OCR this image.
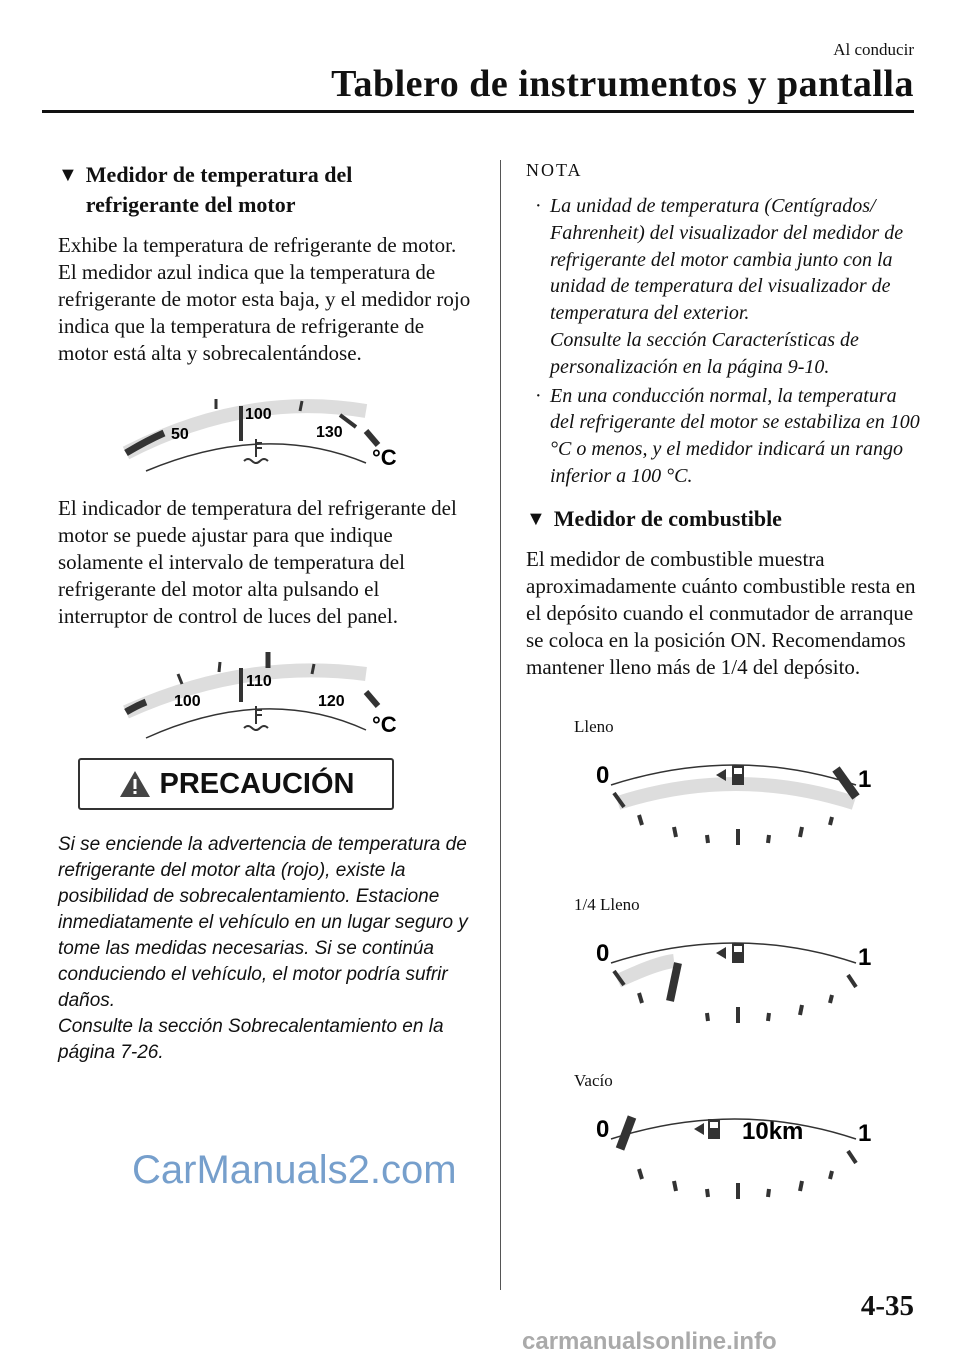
Al conducir
Tablero de instrumentos y pantalla
▼ Medidor de temperatura del
refrigerante del motor

Exhibe la temperatura de refrigerante de motor. El medidor azul indica que la temperatura de refrigerante de motor esta baja, y el medidor rojo indica que la temperatura de refrigerante de motor está alta y sobrecalentándose.

50
100
130
°C

El indicador de temperatura del refrigerante del motor se puede ajustar para que indique solamente el intervalo de temperatura del refrigerante del motor alta pulsando el interruptor de control de luces del panel.

100
110
120
°C
PRECAUCIÓN
Si se enciende la advertencia de temperatura de refrigerante del motor alta (rojo), existe la posibilidad de sobrecalentamiento. Estacione inmediatamente el vehículo en un lugar seguro y tome las medidas necesarias. Si se continúa conduciendo el vehículo, el motor podría sufrir daños.
Consulte la sección Sobrecalentamiento en la página 7-26.
NOTA
· La unidad de temperatura (Centígrados/ Fahrenheit) del visualizador del medidor de refrigerante del motor cambia junto con la unidad de temperatura del visualizador de temperatura del exterior.
Consulte la sección Características de personalización en la página 9-10.
· En una conducción normal, la temperatura del refrigerante del motor se estabiliza en 100 °C o menos, y el medidor indicará un rango inferior a 100 °C.
▼ Medidor de combustible

El medidor de combustible muestra aproximadamente cuánto combustible resta en el depósito cuando el conmutador de arranque se coloca en la posición ON. Recomendamos mantener lleno más de 1/4 del depósito.

Lleno
0	1
1/4 Lleno
0	1
Vacío
0	1
10km
4-35
CarManuals2.com
carmanualsonline.info
